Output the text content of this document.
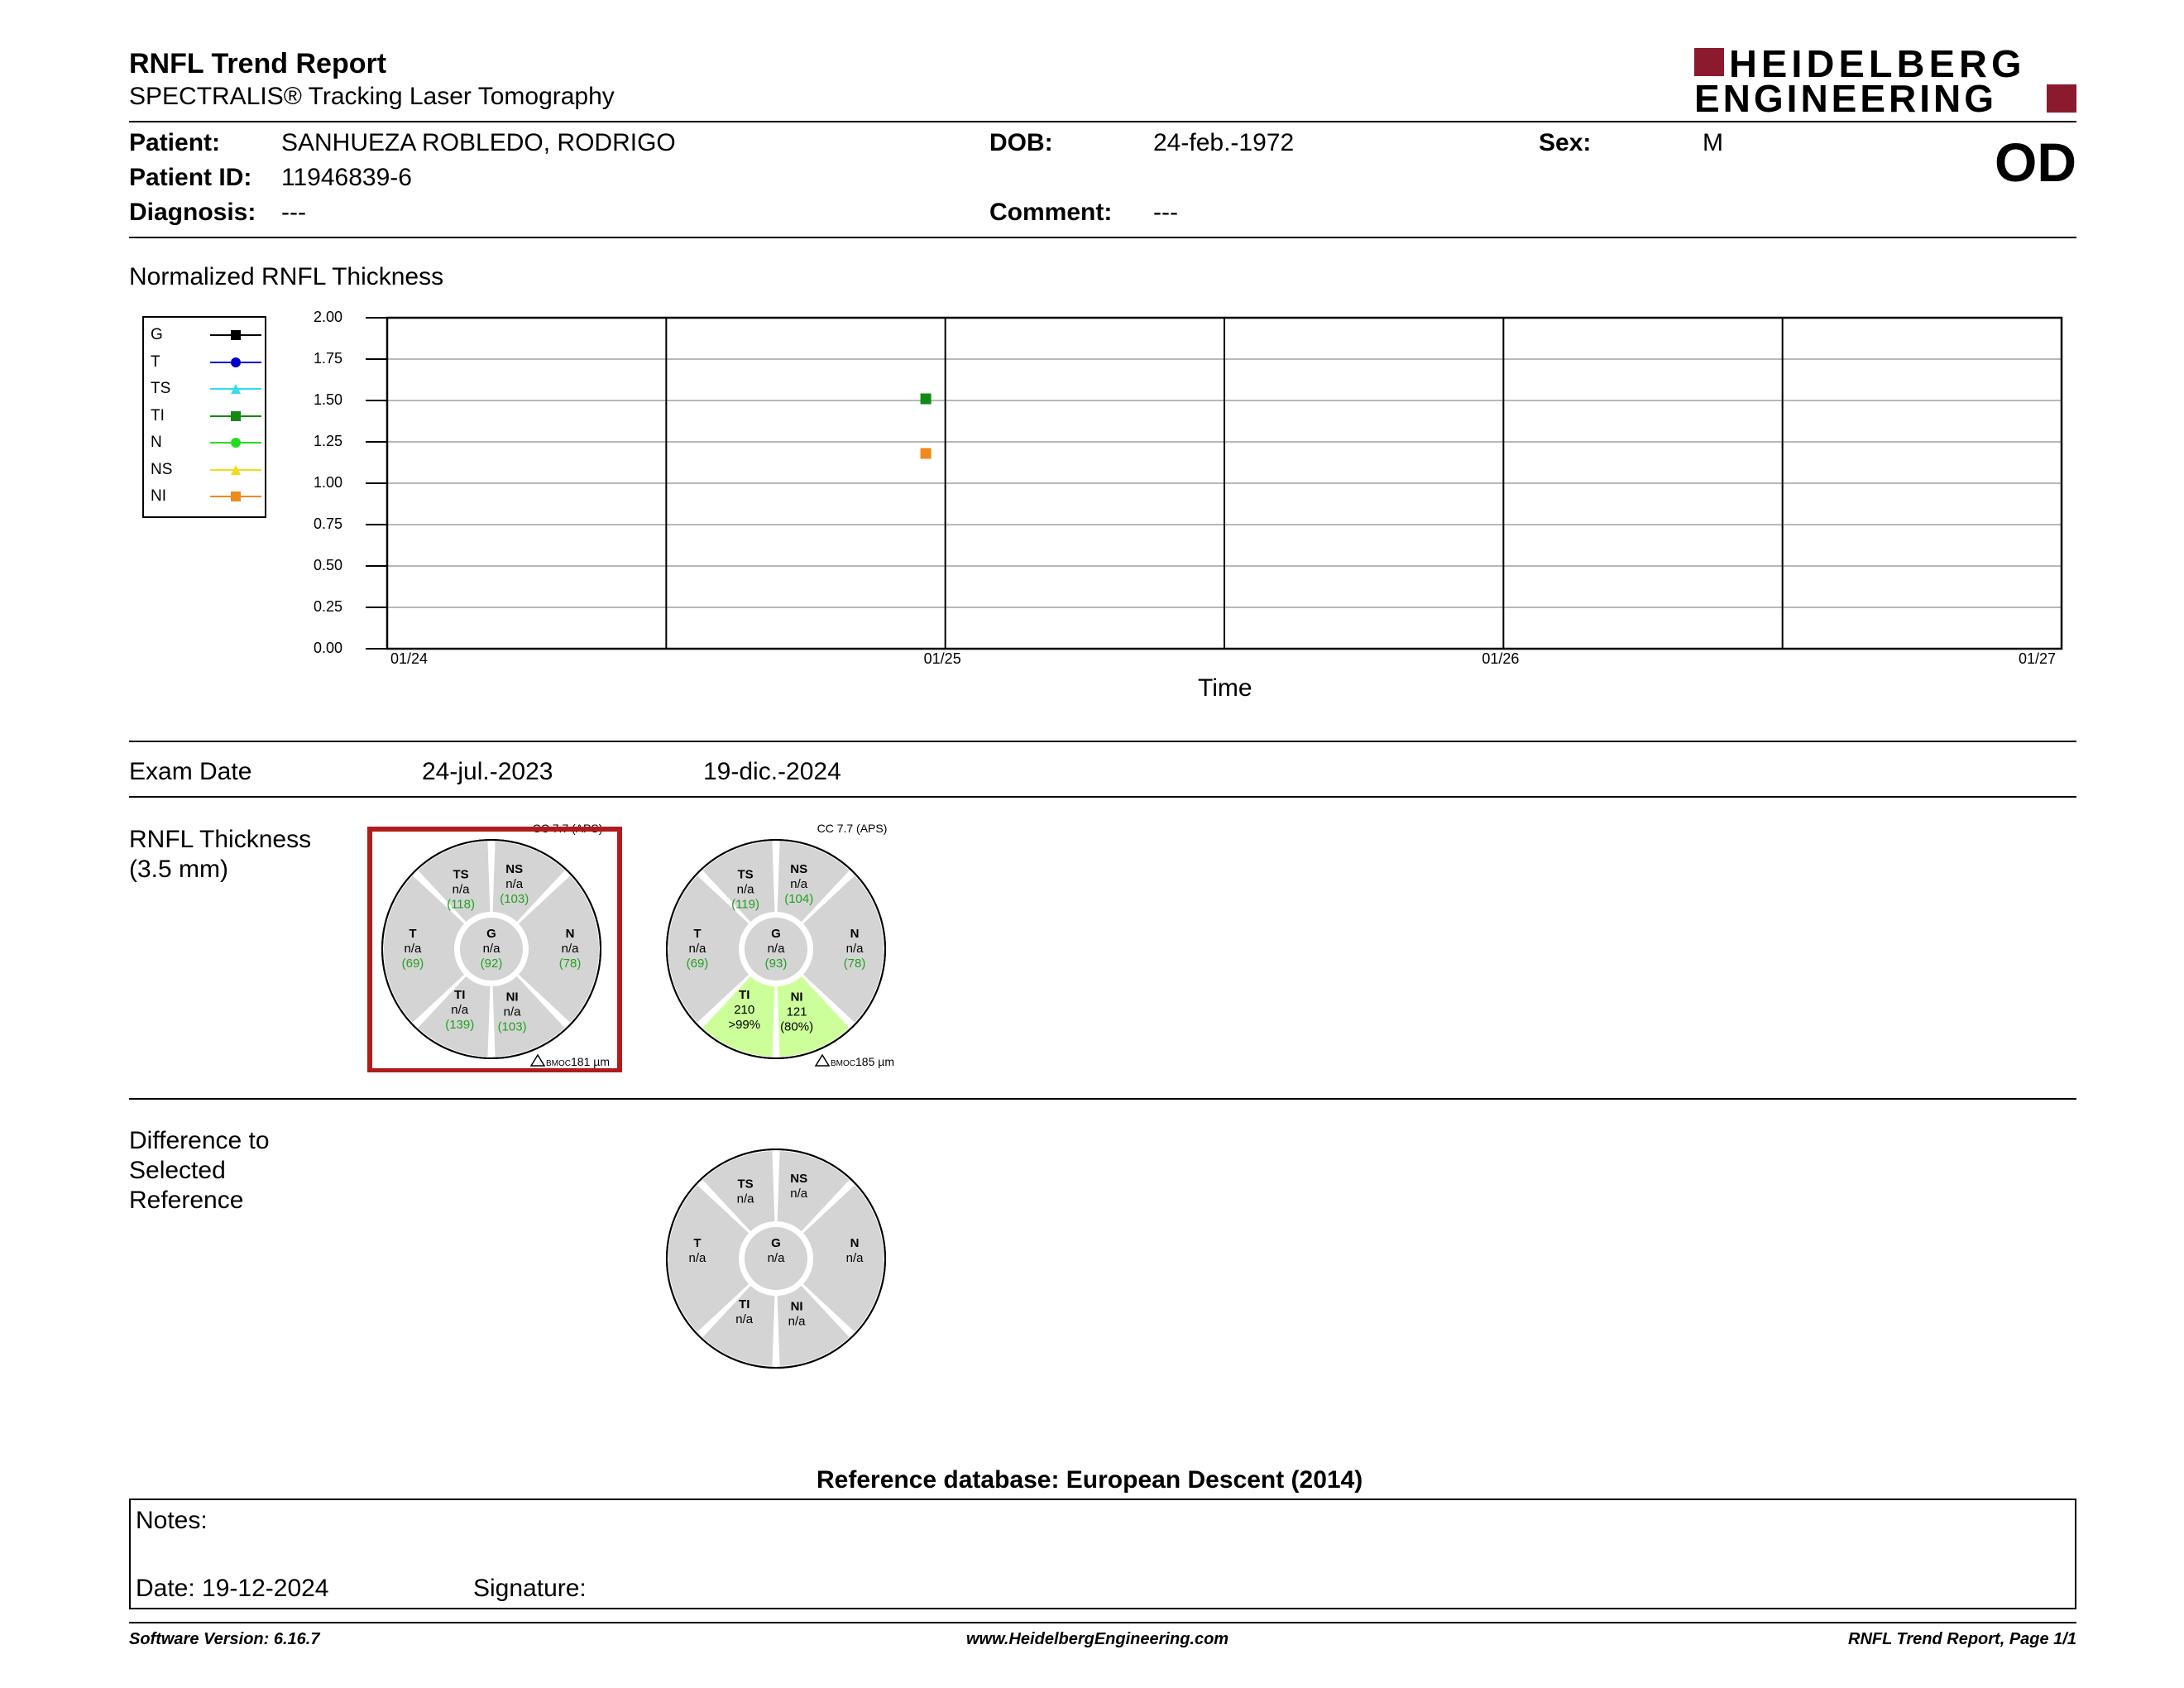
RNFL Trend Report
SPECTRALIS® Tracking Laser Tomography
HEIDELBERG
ENGINEERING
Patient: SANHUEZA ROBLEDO, RODRIGO
Patient ID: 11946839-6
Diagnosis: ---
DOB:	24-feb.-1972
Comment: ---
Sex:	M	OD
Normalized RNFL Thickness
G
T
TS
TI
N
NS
NI
0.00
0.25
0.50
0.75
1.00
1.25
1.50
1.75
2.00
01/24	01/25	01/26	01/27
Time
Exam Date	24-jul.-2023	19-dic.-2024
RNFL Thickness
(3.5 mm)	NS
n/a
(103)
N
n/a
(78)
NI
n/a
(103)
TI
n/a
(139)
T
n/a
(69)
TS
n/a
(118)
G
n/a
(92)
CC 7.7 (APS)
BMOC 181 µm
NS
n/a
(104)
N
n/a
(78)
NI
121
(80%)
TI
210
>99%
T
n/a
(69)
TS
n/a
(119)
G
n/a
(93)
CC 7.7 (APS)
BMOC 185 µm
Difference to
Selected
Reference
NS
n/a
N
n/a
NI
n/a
TI
n/a
T
n/a
TS
n/a
G
n/a
Reference database: European Descent (2014)
Notes:
Date: 19-12-2024	Signature:
Software Version: 6.16.7	www.HeidelbergEngineering.com	RNFL Trend Report, Page 1/1
